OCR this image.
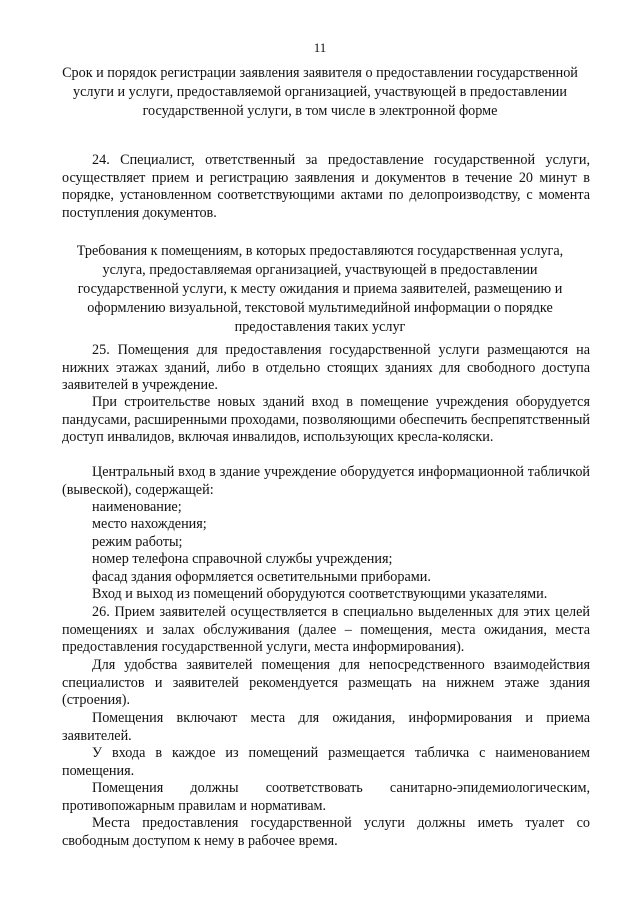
11
Срок и порядок регистрации заявления заявителя о предоставлении государственной услуги и услуги, предоставляемой организацией, участвующей в предоставлении государственной услуги, в том числе в электронной форме
24. Специалист, ответственный за предоставление государственной услуги, осуществляет прием и регистрацию заявления и документов в течение 20 минут в порядке, установленном соответствующими актами по делопроизводству, с момента поступления документов.
Требования к помещениям, в которых предоставляются государственная услуга, услуга, предоставляемая организацией, участвующей в предоставлении государственной услуги, к месту ожидания и приема заявителей, размещению и оформлению визуальной, текстовой мультимедийной информации о порядке предоставления таких услуг
25. Помещения для предоставления государственной услуги размещаются на нижних этажах зданий, либо в отдельно стоящих зданиях для свободного доступа заявителей в учреждение.
При строительстве новых зданий вход в помещение учреждения оборудуется пандусами, расширенными проходами, позволяющими обеспечить беспрепятственный доступ инвалидов, включая инвалидов, использующих кресла-коляски.
Центральный вход в здание учреждение оборудуется информационной табличкой (вывеской), содержащей:
наименование;
место нахождения;
режим работы;
номер телефона справочной службы учреждения;
фасад здания оформляется осветительными приборами.
Вход и выход из помещений оборудуются соответствующими указателями.
26. Прием заявителей осуществляется в специально выделенных для этих целей помещениях и залах обслуживания (далее – помещения, места ожидания, места предоставления государственной услуги, места информирования).
Для удобства заявителей помещения для непосредственного взаимодействия специалистов и заявителей рекомендуется размещать на нижнем этаже здания (строения).
Помещения включают места для ожидания, информирования и приема заявителей.
У входа в каждое из помещений размещается табличка с наименованием помещения.
Помещения должны соответствовать санитарно-эпидемиологическим, противопожарным правилам и нормативам.
Места предоставления государственной услуги должны иметь туалет со свободным доступом к нему в рабочее время.
